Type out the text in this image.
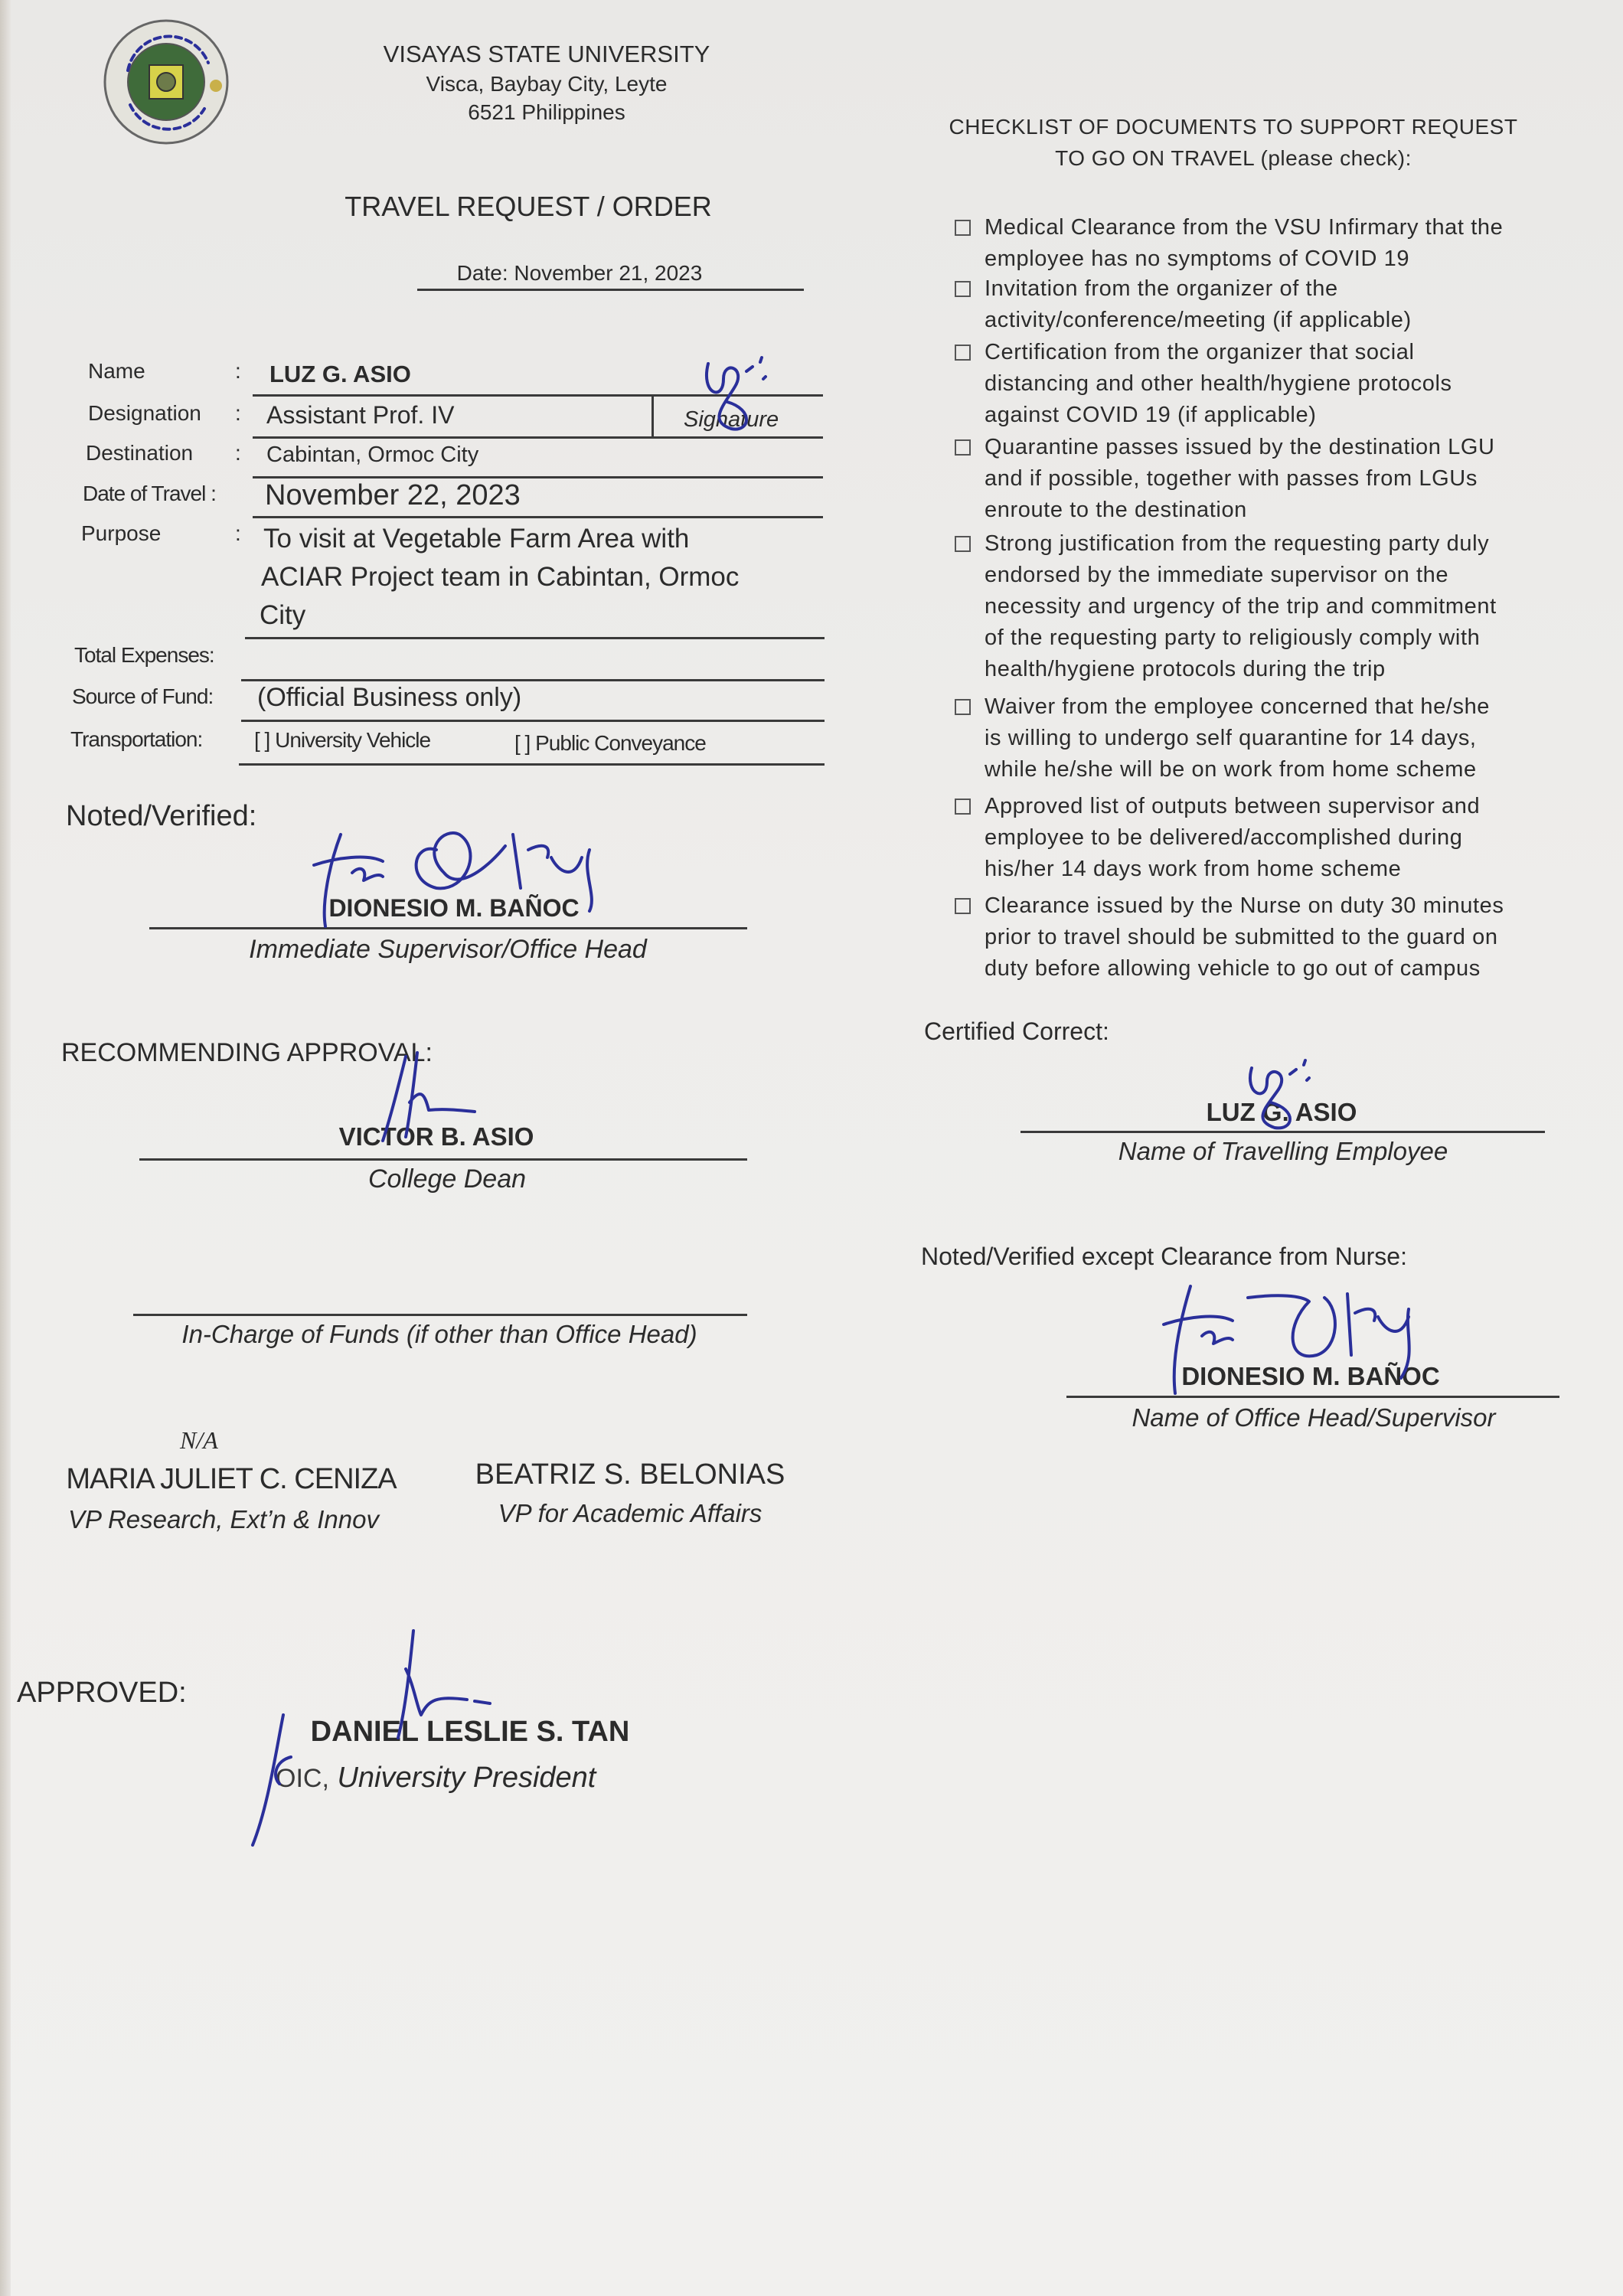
VISAYAS STATE UNIVERSITY
Visca, Baybay City, Leyte
6521 Philippines
TRAVEL REQUEST / ORDER
Date: November 21, 2023
Name	: LUZ G. ASIO
Designation : Assistant Prof. IV	Signature
Destination : Cabintan, Ormoc City
Date of Travel : November 22, 2023
Purpose	: To visit at Vegetable Farm Area with
ACIAR Project team in Cabintan, Ormoc
City
Total Expenses:
Source of Fund: (Official Business only)
Transportation: [ ] University Vehicle	[ ] Public Conveyance
CHECKLIST OF DOCUMENTS TO SUPPORT REQUEST
TO GO ON TRAVEL (please check):
Medical Clearance from the VSU Infirmary that the
employee has no symptoms of COVID 19
Invitation from the organizer of the
activity/conference/meeting (if applicable)
Certification from the organizer that social
distancing and other health/hygiene protocols
against COVID 19 (if applicable)
Quarantine passes issued by the destination LGU
and if possible, together with passes from LGUs
enroute to the destination
Strong justification from the requesting party duly
endorsed by the immediate supervisor on the
necessity and urgency of the trip and commitment
of the requesting party to religiously comply with
health/hygiene protocols during the trip
Waiver from the employee concerned that he/she
is willing to undergo self quarantine for 14 days,
while he/she will be on work from home scheme
Approved list of outputs between supervisor and
employee to be delivered/accomplished during
his/her 14 days work from home scheme
Clearance issued by the Nurse on duty 30 minutes
prior to travel should be submitted to the guard on
duty before allowing vehicle to go out of campus
Noted/Verified:
DIONESIO M. BAÑOC
Immediate Supervisor/Office Head
RECOMMENDING APPROVAL:
VICTOR B. ASIO
College Dean
In-Charge of Funds (if other than Office Head)
N/A
MARIA JULIET C. CENIZA
VP Research, Ext’n & Innov
BEATRIZ S. BELONIAS
VP for Academic Affairs
APPROVED:
DANIEL LESLIE S. TAN
OIC, University President
Certified Correct:
LUZ G. ASIO
Name of Travelling Employee
Noted/Verified except Clearance from Nurse:
DIONESIO M. BAÑOC
Name of Office Head/Supervisor
